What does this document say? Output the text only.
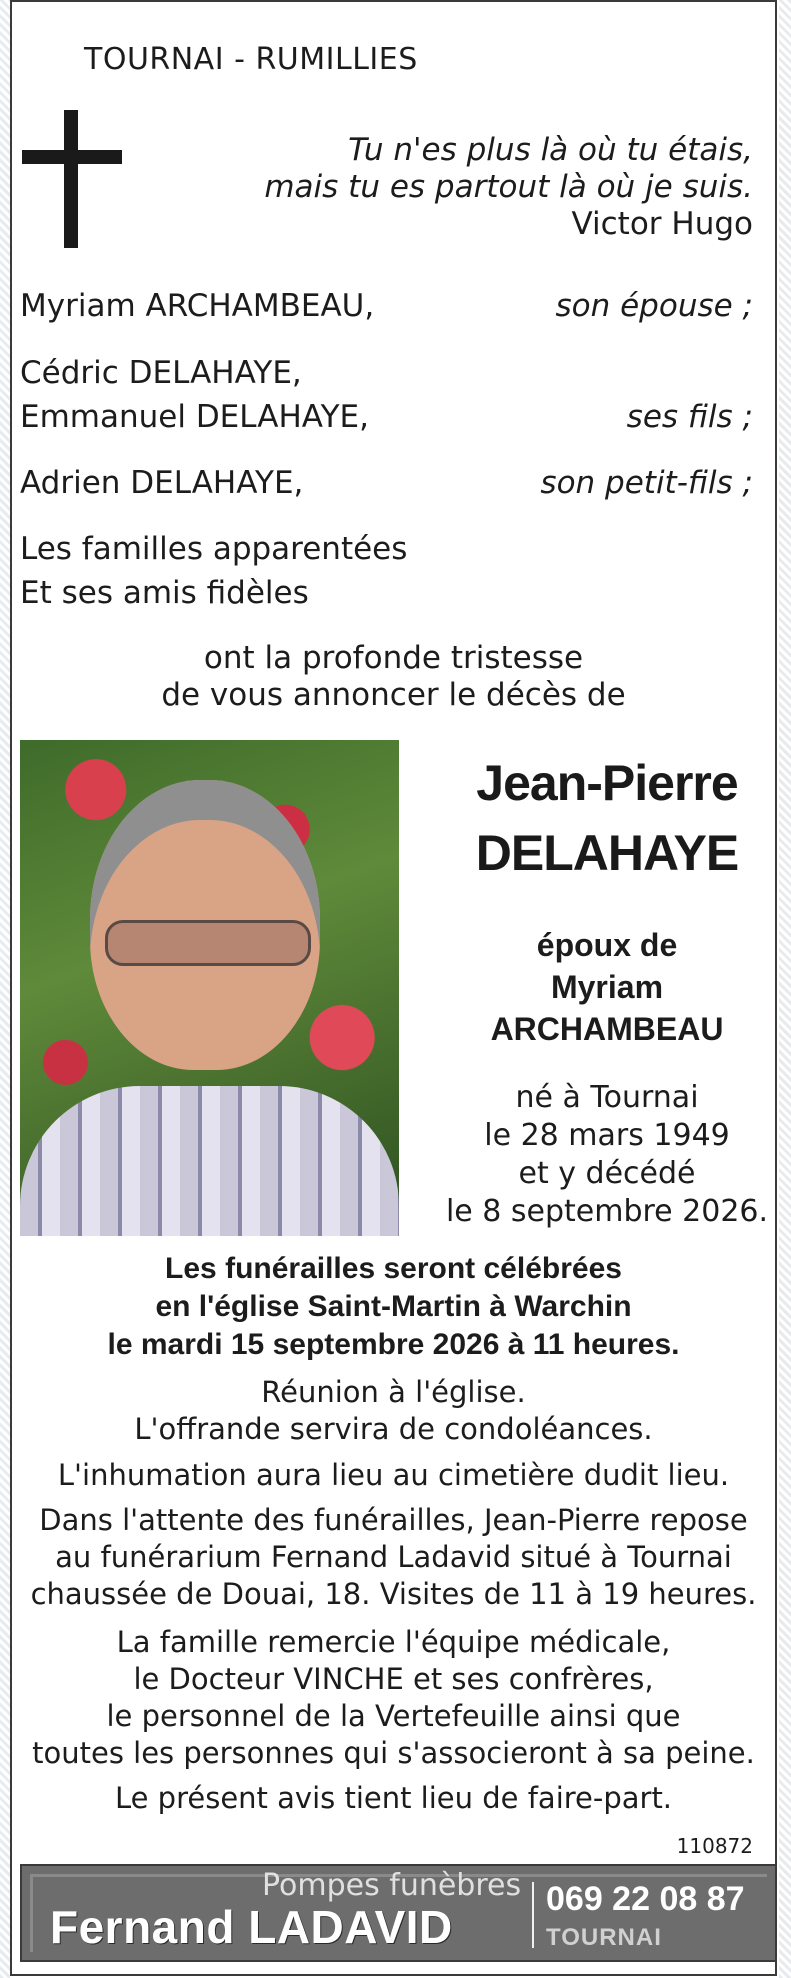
TOURNAI - RUMILLIES
Tu n'es plus là où tu étais,
mais tu es partout là où je suis.
Victor Hugo
Myriam ARCHAMBEAU,	son épouse ;
Cédric DELAHAYE,
Emmanuel DELAHAYE,	ses fils ;
Adrien DELAHAYE,	son petit-fils ;
Les familles apparentées
Et ses amis fidèles
ont la profonde tristesse
de vous annoncer le décès de
Jean-Pierre
DELAHAYE
époux de
Myriam
ARCHAMBEAU
né à Tournai
le 28 mars 1949
et y décédé
le 8 septembre 2026.
Les funérailles seront célébrées
en l'église Saint-Martin à Warchin
le mardi 15 septembre 2026 à 11 heures.
Réunion à l'église.
L'offrande servira de condoléances.
L'inhumation aura lieu au cimetière dudit lieu.
Dans l'attente des funérailles, Jean-Pierre repose
au funérarium Fernand Ladavid situé à Tournai
chaussée de Douai, 18. Visites de 11 à 19 heures.
La famille remercie l'équipe médicale,
le Docteur VINCHE et ses confrères,
le personnel de la Vertefeuille ainsi que
toutes les personnes qui s'associeront à sa peine.
Le présent avis tient lieu de faire-part.
110872
Pompes funèbres
Fernand LADAVID
069 22 08 87
TOURNAI
